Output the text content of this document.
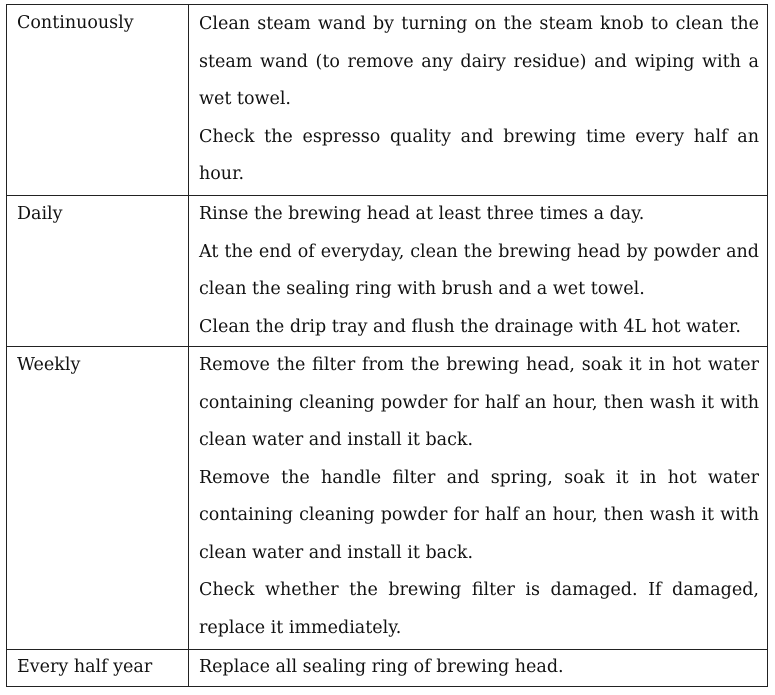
Continuously	Clean steam wand by turning on the steam knob to clean the steam wand (to remove any dairy residue) and wiping with a wet towel.

Check the espresso quality and brewing time every half an hour.

Daily	Rinse the brewing head at least three times a day.

At the end of everyday, clean the brewing head by powder and clean the sealing ring with brush and a wet towel.

Clean the drip tray and flush the drainage with 4L hot water.

Weekly	Remove the filter from the brewing head, soak it in hot water containing cleaning powder for half an hour, then wash it with clean water and install it back.

Remove the handle filter and spring, soak it in hot water containing cleaning powder for half an hour, then wash it with clean water and install it back.

Check whether the brewing filter is damaged. If damaged, replace it immediately.

Every half year	Replace all sealing ring of brewing head.
